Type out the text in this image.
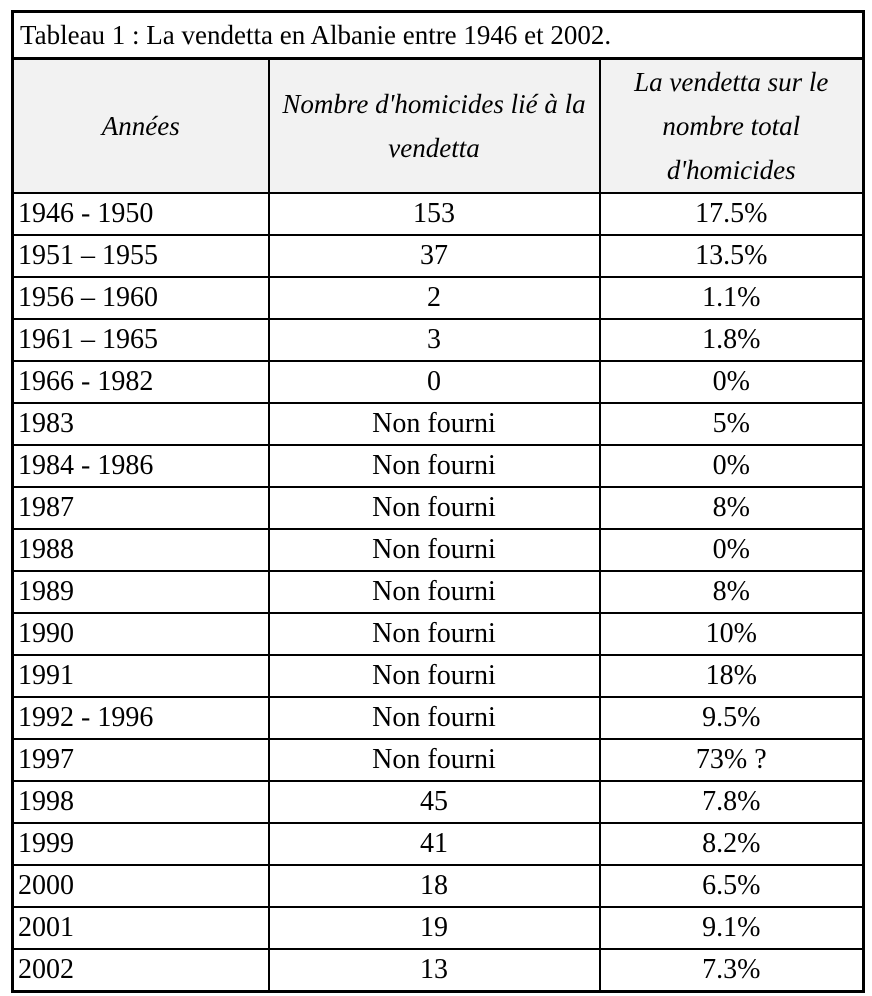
Tableau 1 : La vendetta en Albanie entre 1946 et 2002.		
Années	Nombre d'homicides lié à la vendetta	La vendetta sur le nombre total d'homicides
1946 - 1950	153	17.5%
1951 – 1955	37	13.5%
1956 – 1960	2	1.1%
1961 – 1965	3	1.8%
1966 - 1982	0	0%
1983	Non fourni	5%
1984 - 1986	Non fourni	0%
1987	Non fourni	8%
1988	Non fourni	0%
1989	Non fourni	8%
1990	Non fourni	10%
1991	Non fourni	18%
1992 - 1996	Non fourni	9.5%
1997	Non fourni	73% ?
1998	45	7.8%
1999	41	8.2%
2000	18	6.5%
2001	19	9.1%
2002	13	7.3%
